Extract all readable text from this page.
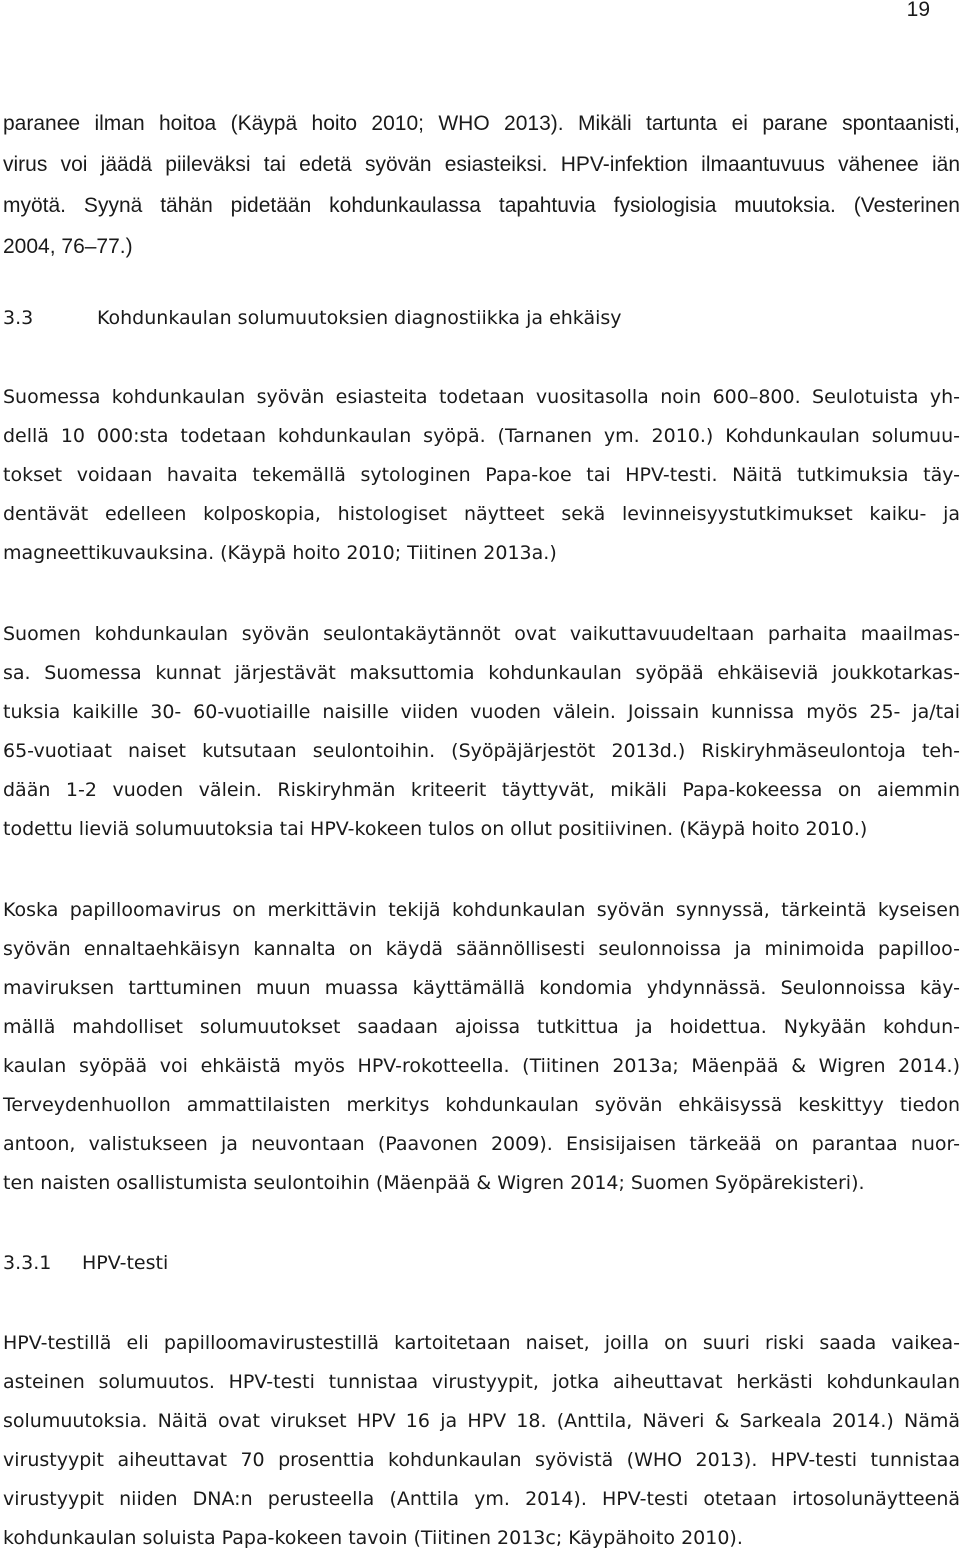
19
paranee ilman hoitoa (Käypä hoito 2010; WHO 2013). Mikäli tartunta ei parane spontaanisti,
virus voi jäädä piileväksi tai edetä syövän esiasteiksi. HPV-infektion ilmaantuvuus vähenee iän
myötä. Syynä tähän pidetään kohdunkaulassa tapahtuvia fysiologisia muutoksia. (Vesterinen
2004, 76–77.)
3.3	Kohdunkaulan solumuutoksien diagnostiikka ja ehkäisy
Suomessa kohdunkaulan syövän esiasteita todetaan vuositasolla noin 600–800. Seulotuista yh-
dellä 10 000:sta todetaan kohdunkaulan syöpä. (Tarnanen ym. 2010.) Kohdunkaulan solumuu-
tokset voidaan havaita tekemällä sytologinen Papa-koe tai HPV-testi. Näitä tutkimuksia täy-
dentävät edelleen kolposkopia, histologiset näytteet sekä levinneisyystutkimukset kaiku- ja
magneettikuvauksina. (Käypä hoito 2010; Tiitinen 2013a.)
Suomen kohdunkaulan syövän seulontakäytännöt ovat vaikuttavuudeltaan parhaita maailmas-
sa. Suomessa kunnat järjestävät maksuttomia kohdunkaulan syöpää ehkäiseviä joukkotarkas-
tuksia kaikille 30- 60-vuotiaille naisille viiden vuoden välein. Joissain kunnissa myös 25- ja/tai
65-vuotiaat naiset kutsutaan seulontoihin. (Syöpäjärjestöt 2013d.) Riskiryhmäseulontoja teh-
dään 1-2 vuoden välein. Riskiryhmän kriteerit täyttyvät, mikäli Papa-kokeessa on aiemmin
todettu lieviä solumuutoksia tai HPV-kokeen tulos on ollut positiivinen. (Käypä hoito 2010.)
Koska papilloomavirus on merkittävin tekijä kohdunkaulan syövän synnyssä, tärkeintä kyseisen
syövän ennaltaehkäisyn kannalta on käydä säännöllisesti seulonnoissa ja minimoida papilloo-
maviruksen tarttuminen muun muassa käyttämällä kondomia yhdynnässä. Seulonnoissa käy-
mällä mahdolliset solumuutokset saadaan ajoissa tutkittua ja hoidettua. Nykyään kohdun-
kaulan syöpää voi ehkäistä myös HPV-rokotteella. (Tiitinen 2013a; Mäenpää & Wigren 2014.)
Terveydenhuollon ammattilaisten merkitys kohdunkaulan syövän ehkäisyssä keskittyy tiedon
antoon, valistukseen ja neuvontaan (Paavonen 2009). Ensisijaisen tärkeää on parantaa nuor-
ten naisten osallistumista seulontoihin (Mäenpää & Wigren 2014; Suomen Syöpärekisteri).
3.3.1 HPV-testi
HPV-testillä eli papilloomavirustestillä kartoitetaan naiset, joilla on suuri riski saada vaikea-
asteinen solumuutos. HPV-testi tunnistaa virustyypit, jotka aiheuttavat herkästi kohdunkaulan
solumuutoksia. Näitä ovat virukset HPV 16 ja HPV 18. (Anttila, Näveri & Sarkeala 2014.) Nämä
virustyypit aiheuttavat 70 prosenttia kohdunkaulan syövistä (WHO 2013). HPV-testi tunnistaa
virustyypit niiden DNA:n perusteella (Anttila ym. 2014). HPV-testi otetaan irtosolunäytteenä
kohdunkaulan soluista Papa-kokeen tavoin (Tiitinen 2013c; Käypähoito 2010).
